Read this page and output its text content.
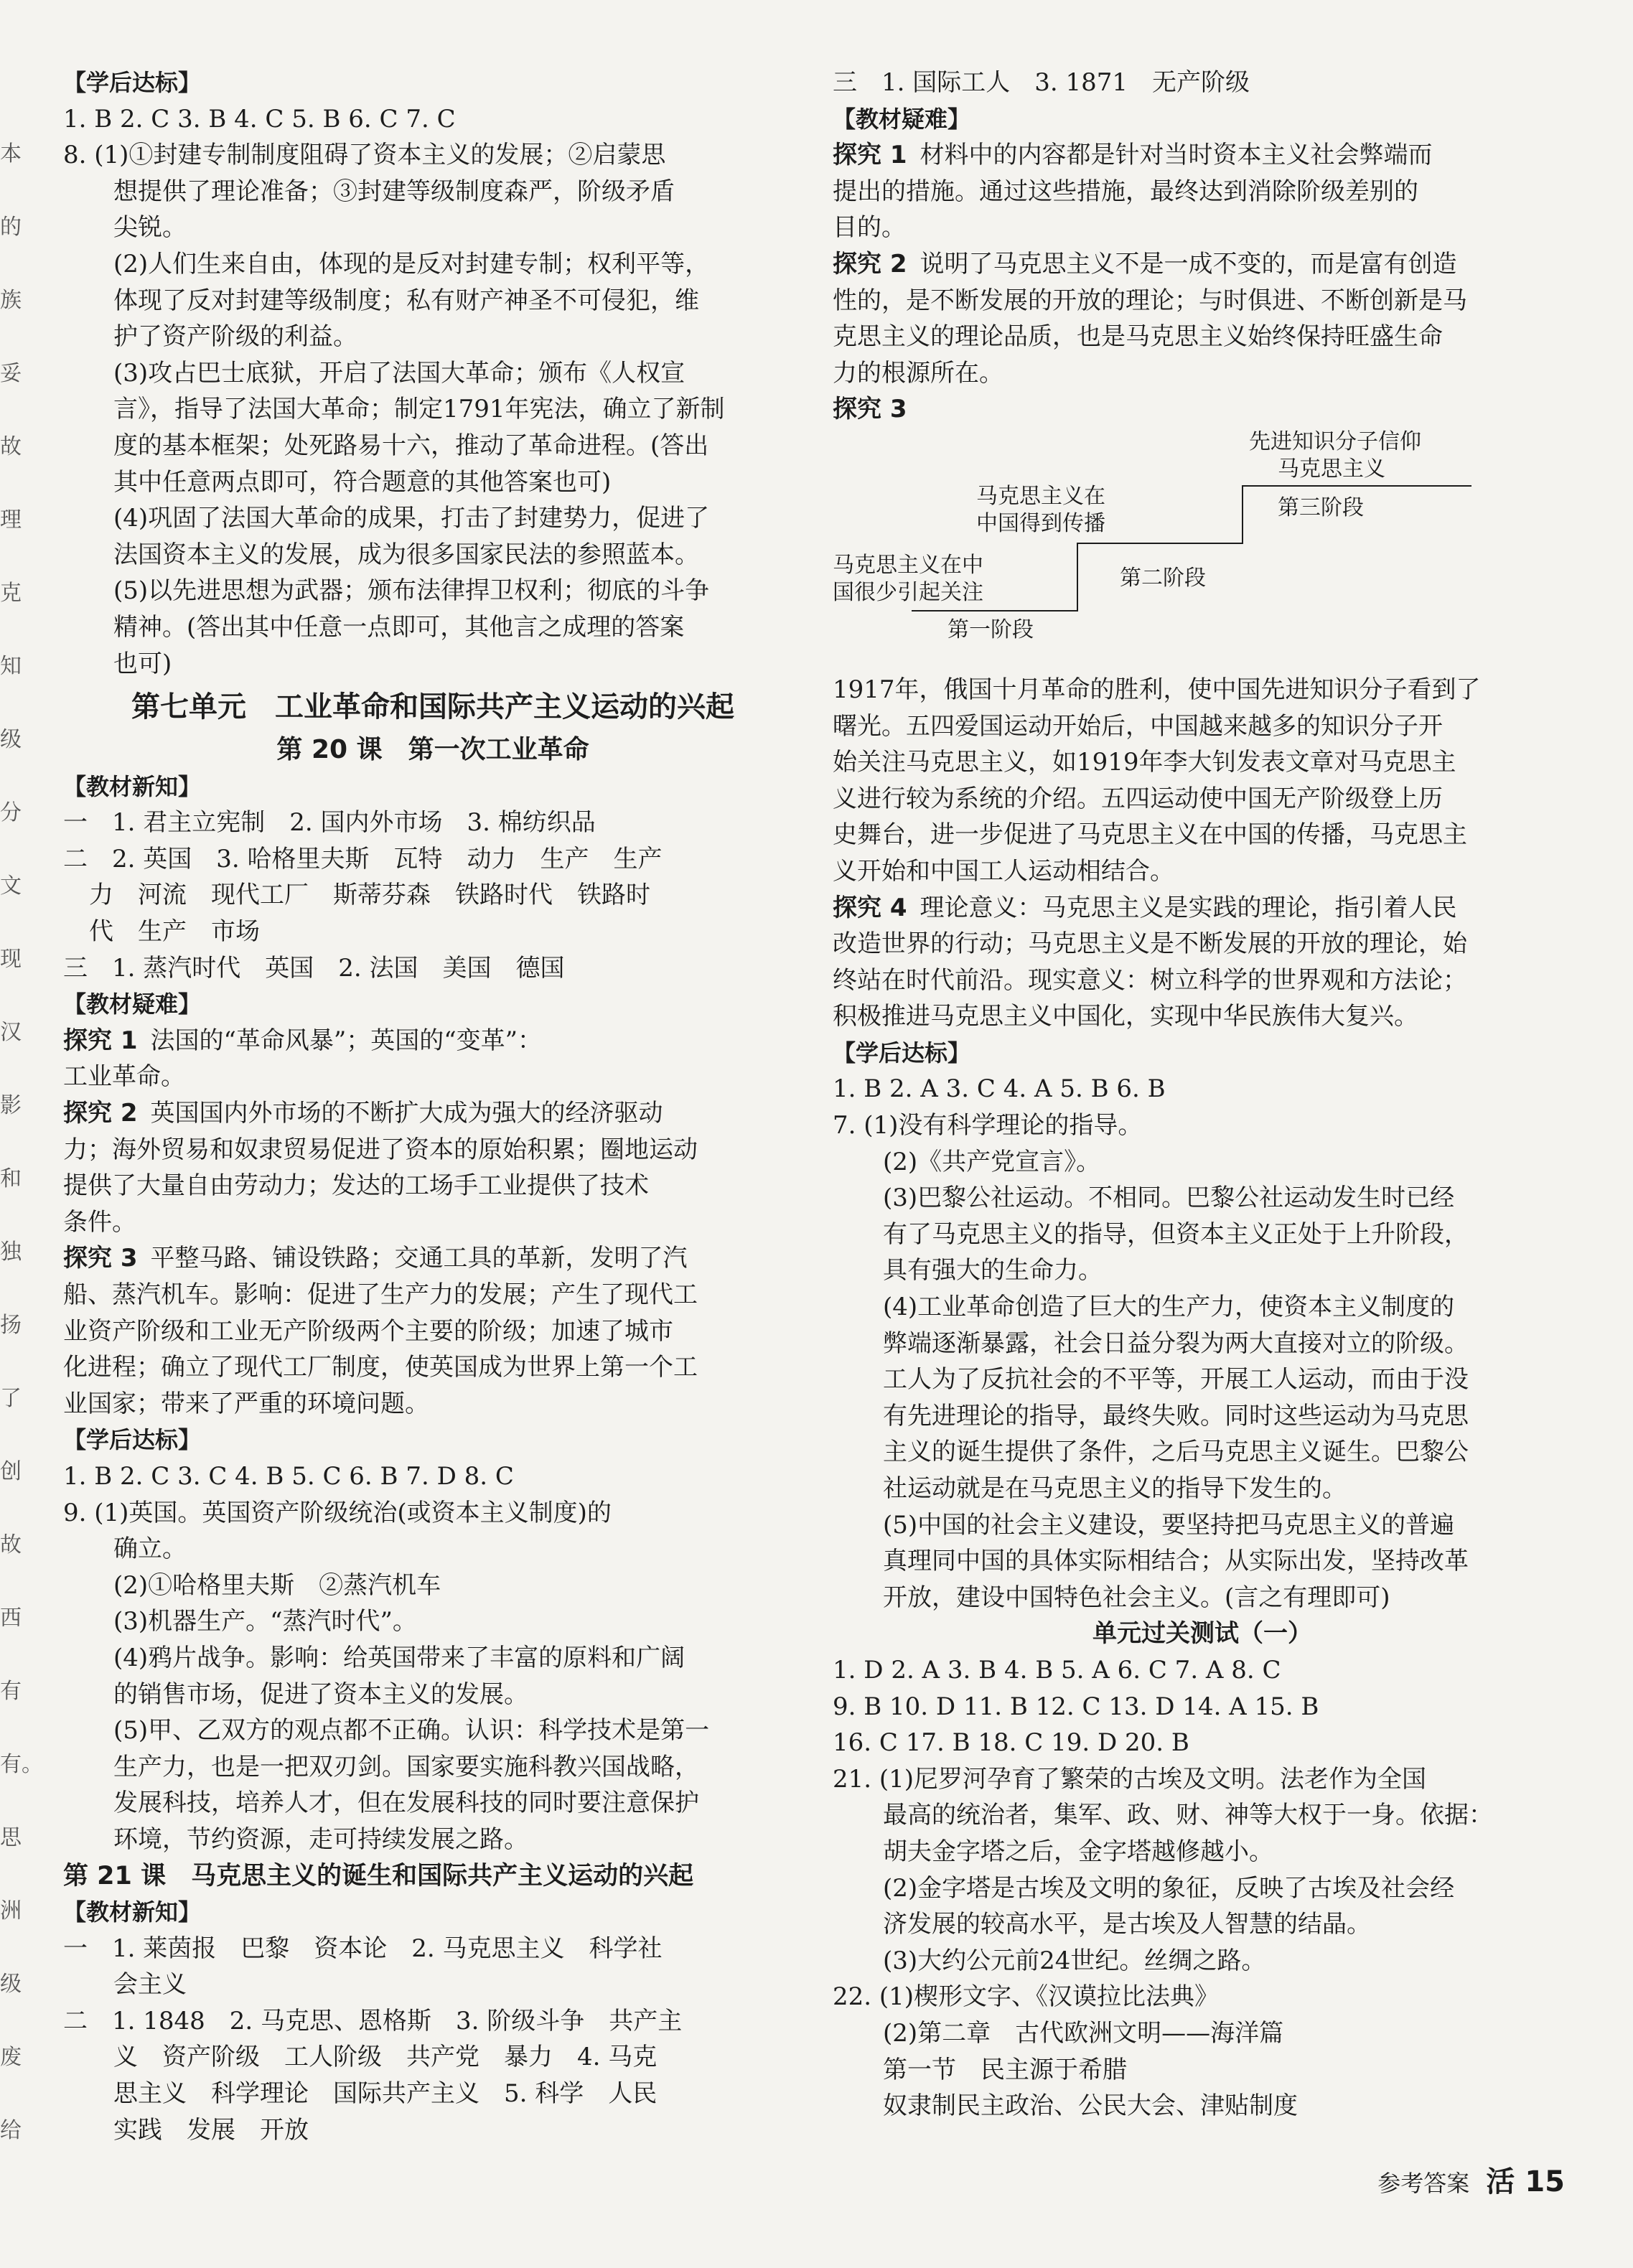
本
的
族
妥
故
理
克
知
级
分
文
现
汉
影
和
独
扬
了
创
故
西
有
有。
思
洲
级
废
给
【学后达标】
1. B 2. C 3. B 4. C 5. B 6. C 7. C
8. (1)①封建专制制度阻碍了资本主义的发展；②启蒙思
想提供了理论准备；③封建等级制度森严，阶级矛盾
尖锐。
(2)人们生来自由，体现的是反对封建专制；权利平等，
体现了反对封建等级制度；私有财产神圣不可侵犯，维
护了资产阶级的利益。
(3)攻占巴士底狱，开启了法国大革命；颁布《人权宣
言》，指导了法国大革命；制定1791年宪法，确立了新制
度的基本框架；处死路易十六，推动了革命进程。(答出
其中任意两点即可，符合题意的其他答案也可)
(4)巩固了法国大革命的成果，打击了封建势力，促进了
法国资本主义的发展，成为很多国家民法的参照蓝本。
(5)以先进思想为武器；颁布法律捍卫权利；彻底的斗争
精神。(答出其中任意一点即可，其他言之成理的答案
也可)
第七单元　工业革命和国际共产主义运动的兴起
第 20 课　第一次工业革命
【教材新知】
一　1. 君主立宪制　2. 国内外市场　3. 棉纺织品
二　2. 英国　3. 哈格里夫斯　瓦特　动力　生产　生产
力　河流　现代工厂　斯蒂芬森　铁路时代　铁路时
代　生产　市场
三　1. 蒸汽时代　英国　2. 法国　美国　德国
【教材疑难】
探究 1 法国的“革命风暴”；英国的“变革”：
工业革命。
探究 2 英国国内外市场的不断扩大成为强大的经济驱动
力；海外贸易和奴隶贸易促进了资本的原始积累；圈地运动
提供了大量自由劳动力；发达的工场手工业提供了技术
条件。
探究 3 平整马路、铺设铁路；交通工具的革新，发明了汽
船、蒸汽机车。影响：促进了生产力的发展；产生了现代工
业资产阶级和工业无产阶级两个主要的阶级；加速了城市
化进程；确立了现代工厂制度，使英国成为世界上第一个工
业国家；带来了严重的环境问题。
【学后达标】
1. B 2. C 3. C 4. B 5. C 6. B 7. D 8. C
9. (1)英国。英国资产阶级统治(或资本主义制度)的
确立。
(2)①哈格里夫斯　②蒸汽机车
(3)机器生产。“蒸汽时代”。
(4)鸦片战争。影响：给英国带来了丰富的原料和广阔
的销售市场，促进了资本主义的发展。
(5)甲、乙双方的观点都不正确。认识：科学技术是第一
生产力，也是一把双刃剑。国家要实施科教兴国战略，
发展科技，培养人才，但在发展科技的同时要注意保护
环境，节约资源，走可持续发展之路。
第 21 课　马克思主义的诞生和国际共产主义运动的兴起
【教材新知】
一　1. 莱茵报　巴黎　资本论　2. 马克思主义　科学社
会主义
二　1. 1848　2. 马克思、恩格斯　3. 阶级斗争　共产主
义　资产阶级　工人阶级　共产党　暴力　4. 马克
思主义　科学理论　国际共产主义　5. 科学　人民
实践　发展　开放
三　1. 国际工人　3. 1871　无产阶级
【教材疑难】
探究 1 材料中的内容都是针对当时资本主义社会弊端而
提出的措施。通过这些措施，最终达到消除阶级差别的
目的。
探究 2 说明了马克思主义不是一成不变的，而是富有创造
性的，是不断发展的开放的理论；与时俱进、不断创新是马
克思主义的理论品质，也是马克思主义始终保持旺盛生命
力的根源所在。
探究 3
先进知识分子信仰
马克思主义
马克思主义在
中国得到传播
第三阶段
马克思主义在中
国很少引起关注
第二阶段
第一阶段
1917年，俄国十月革命的胜利，使中国先进知识分子看到了
曙光。五四爱国运动开始后，中国越来越多的知识分子开
始关注马克思主义，如1919年李大钊发表文章对马克思主
义进行较为系统的介绍。五四运动使中国无产阶级登上历
史舞台，进一步促进了马克思主义在中国的传播，马克思主
义开始和中国工人运动相结合。
探究 4 理论意义：马克思主义是实践的理论，指引着人民
改造世界的行动；马克思主义是不断发展的开放的理论，始
终站在时代前沿。现实意义：树立科学的世界观和方法论；
积极推进马克思主义中国化，实现中华民族伟大复兴。
【学后达标】
1. B 2. A 3. C 4. A 5. B 6. B
7. (1)没有科学理论的指导。
(2)《共产党宣言》。
(3)巴黎公社运动。不相同。巴黎公社运动发生时已经
有了马克思主义的指导，但资本主义正处于上升阶段，
具有强大的生命力。
(4)工业革命创造了巨大的生产力，使资本主义制度的
弊端逐渐暴露，社会日益分裂为两大直接对立的阶级。
工人为了反抗社会的不平等，开展工人运动，而由于没
有先进理论的指导，最终失败。同时这些运动为马克思
主义的诞生提供了条件，之后马克思主义诞生。巴黎公
社运动就是在马克思主义的指导下发生的。
(5)中国的社会主义建设，要坚持把马克思主义的普遍
真理同中国的具体实际相结合；从实际出发，坚持改革
开放，建设中国特色社会主义。(言之有理即可)
单元过关测试（一）
1. D 2. A 3. B 4. B 5. A 6. C 7. A 8. C
9. B 10. D 11. B 12. C 13. D 14. A 15. B
16. C 17. B 18. C 19. D 20. B
21. (1)尼罗河孕育了繁荣的古埃及文明。法老作为全国
最高的统治者，集军、政、财、神等大权于一身。依据：
胡夫金字塔之后，金字塔越修越小。
(2)金字塔是古埃及文明的象征，反映了古埃及社会经
济发展的较高水平，是古埃及人智慧的结晶。
(3)大约公元前24世纪。丝绸之路。
22. (1)楔形文字、《汉谟拉比法典》
(2)第二章　古代欧洲文明——海洋篇
第一节　民主源于希腊
奴隶制民主政治、公民大会、津贴制度
参考答案 活 15
